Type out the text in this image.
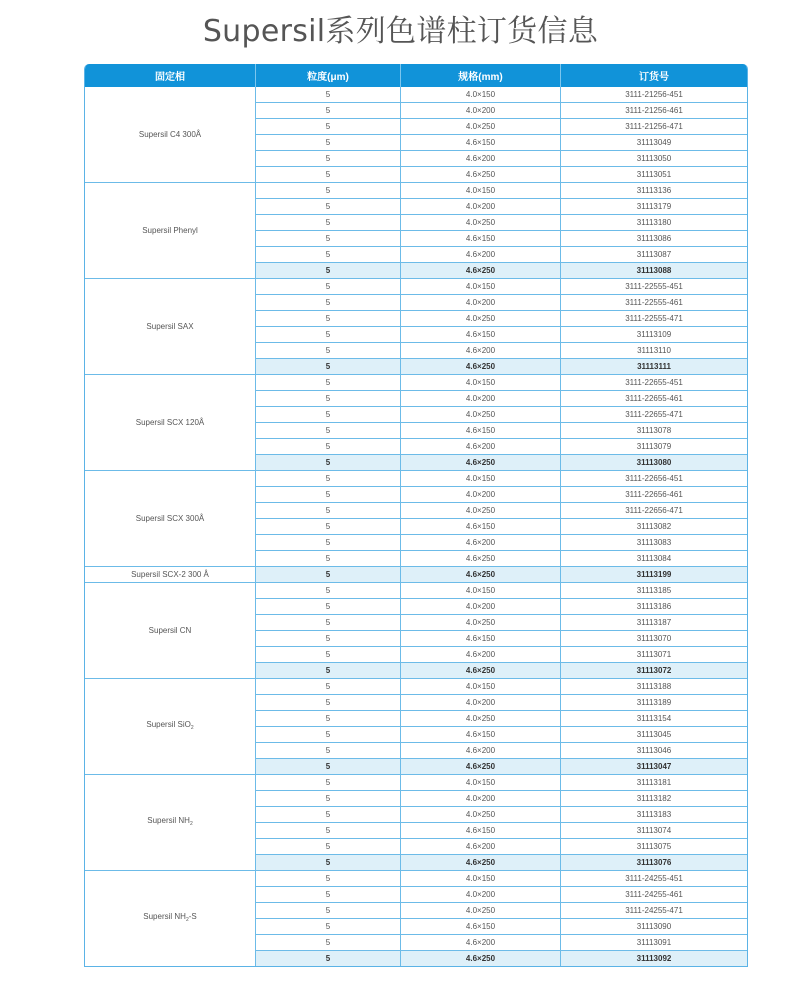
Supersil系列色谱柱订货信息
固定相	粒度(μm)	规格(mm)	订货号
Supersil C4 300Å	5	4.0×150	3111-21256-451
	5	4.0×200	3111-21256-461
	5	4.0×250	3111-21256-471
	5	4.6×150	31113049
	5	4.6×200	31113050
	5	4.6×250	31113051
Supersil Phenyl	5	4.0×150	31113136
	5	4.0×200	31113179
	5	4.0×250	31113180
	5	4.6×150	31113086
	5	4.6×200	31113087
	5	4.6×250	31113088
Supersil SAX	5	4.0×150	3111-22555-451
	5	4.0×200	3111-22555-461
	5	4.0×250	3111-22555-471
	5	4.6×150	31113109
	5	4.6×200	31113110
	5	4.6×250	31113111
Supersil SCX 120Å	5	4.0×150	3111-22655-451
	5	4.0×200	3111-22655-461
	5	4.0×250	3111-22655-471
	5	4.6×150	31113078
	5	4.6×200	31113079
	5	4.6×250	31113080
Supersil SCX 300Å	5	4.0×150	3111-22656-451
	5	4.0×200	3111-22656-461
	5	4.0×250	3111-22656-471
	5	4.6×150	31113082
	5	4.6×200	31113083
	5	4.6×250	31113084
Supersil SCX-2 300 Å	5	4.6×250	31113199
Supersil CN	5	4.0×150	31113185
	5	4.0×200	31113186
	5	4.0×250	31113187
	5	4.6×150	31113070
	5	4.6×200	31113071
	5	4.6×250	31113072
Supersil SiO$_2$	5	4.0×150	31113188
	5	4.0×200	31113189
	5	4.0×250	31113154
	5	4.6×150	31113045
	5	4.6×200	31113046
	5	4.6×250	31113047
Supersil $NH_2$	5	4.0×150	31113181
	5	4.0×200	31113182
	5	4.0×250	31113183
	5	4.6×150	31113074
	5	4.6×200	31113075
	5	4.6×250	31113076
Supersil $NH_2-S$	5	4.0×150	3111-24255-451
	5	4.0×200	3111-24255-461
	5	4.0×250	3111-24255-471
	5	4.6×150	31113090
	5	4.6×200	31113091
	5	4.6×250	31113092
